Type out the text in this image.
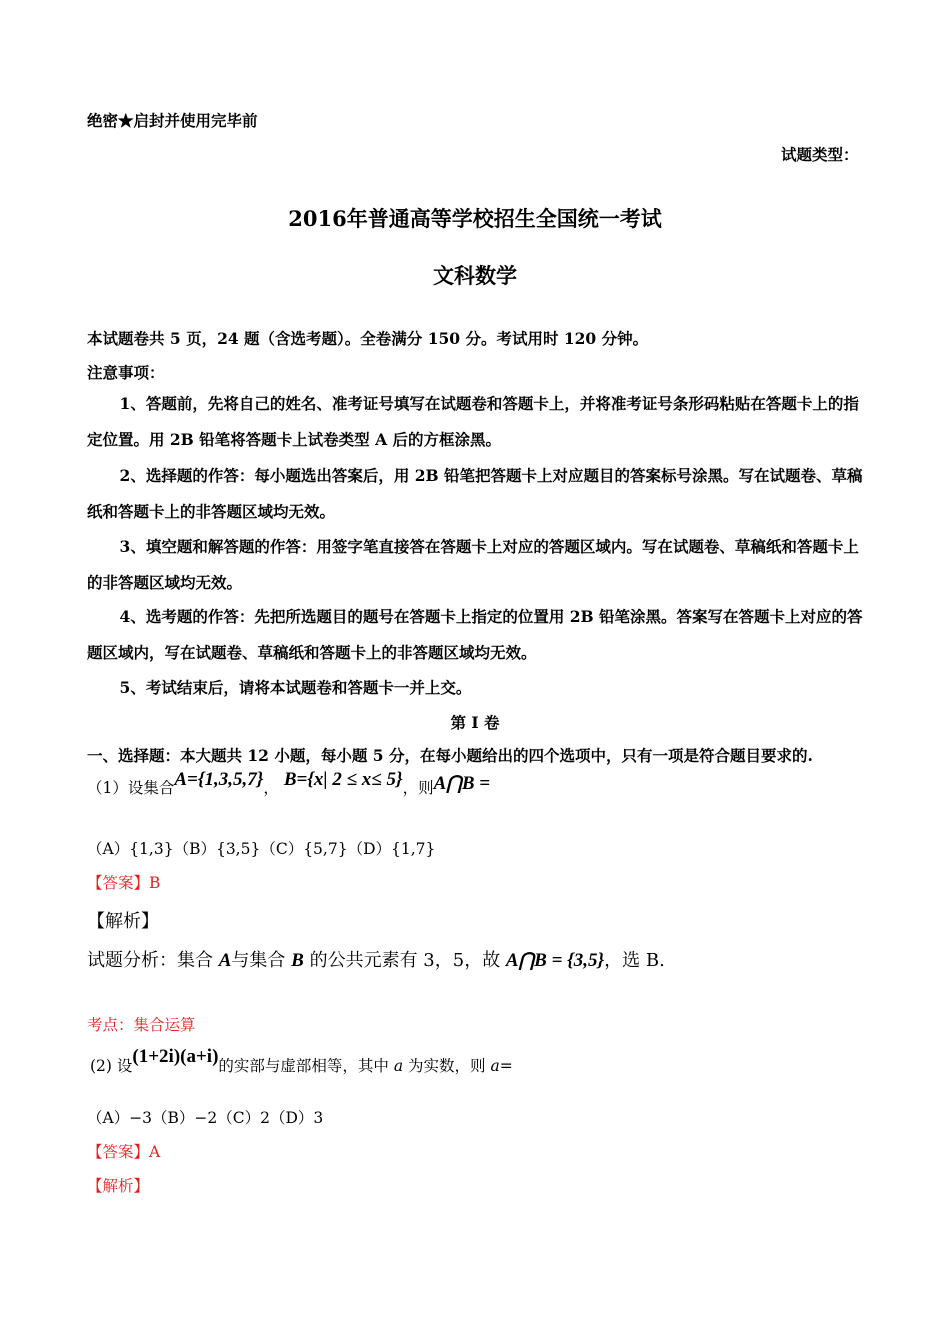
绝密★启封并使用完毕前
试题类型：
2016年普通高等学校招生全国统一考试
文科数学
本试题卷共 5 页，24 题（含选考题）。全卷满分 150 分。考试用时 120 分钟。
注意事项：
1、答题前，先将自己的姓名、准考证号填写在试题卷和答题卡上，并将准考证号条形码粘贴在答题卡上的指定位置。用 2B 铅笔将答题卡上试卷类型 A 后的方框涂黑。
2、选择题的作答：每小题选出答案后，用 2B 铅笔把答题卡上对应题目的答案标号涂黑。写在试题卷、草稿纸和答题卡上的非答题区域均无效。
3、填空题和解答题的作答：用签字笔直接答在答题卡上对应的答题区域内。写在试题卷、草稿纸和答题卡上的非答题区域均无效。
4、选考题的作答：先把所选题目的题号在答题卡上指定的位置用 2B 铅笔涂黑。答案写在答题卡上对应的答题区域内，写在试题卷、草稿纸和答题卡上的非答题区域均无效。
5、考试结束后，请将本试题卷和答题卡一并上交。
第 I 卷
一、选择题：本大题共 12 小题，每小题 5 分，在每小题给出的四个选项中，只有一项是符合题目要求的.
（1）设集合A={1,3,5,7}， B={x| 2 ≤ x≤ 5}，则A⋂B =
（A）{1,3}（B）{3,5}（C）{5,7}（D）{1,7}
【答案】B
【解析】
试题分析：集合 A与集合 B 的公共元素有 3，5，故 A⋂B = {3,5}，选 B.
考点：集合运算
(2) 设(1+2i)(a+i)的实部与虚部相等，其中 a 为实数，则 a=
（A）−3（B）−2（C）2（D）3
【答案】A
【解析】
